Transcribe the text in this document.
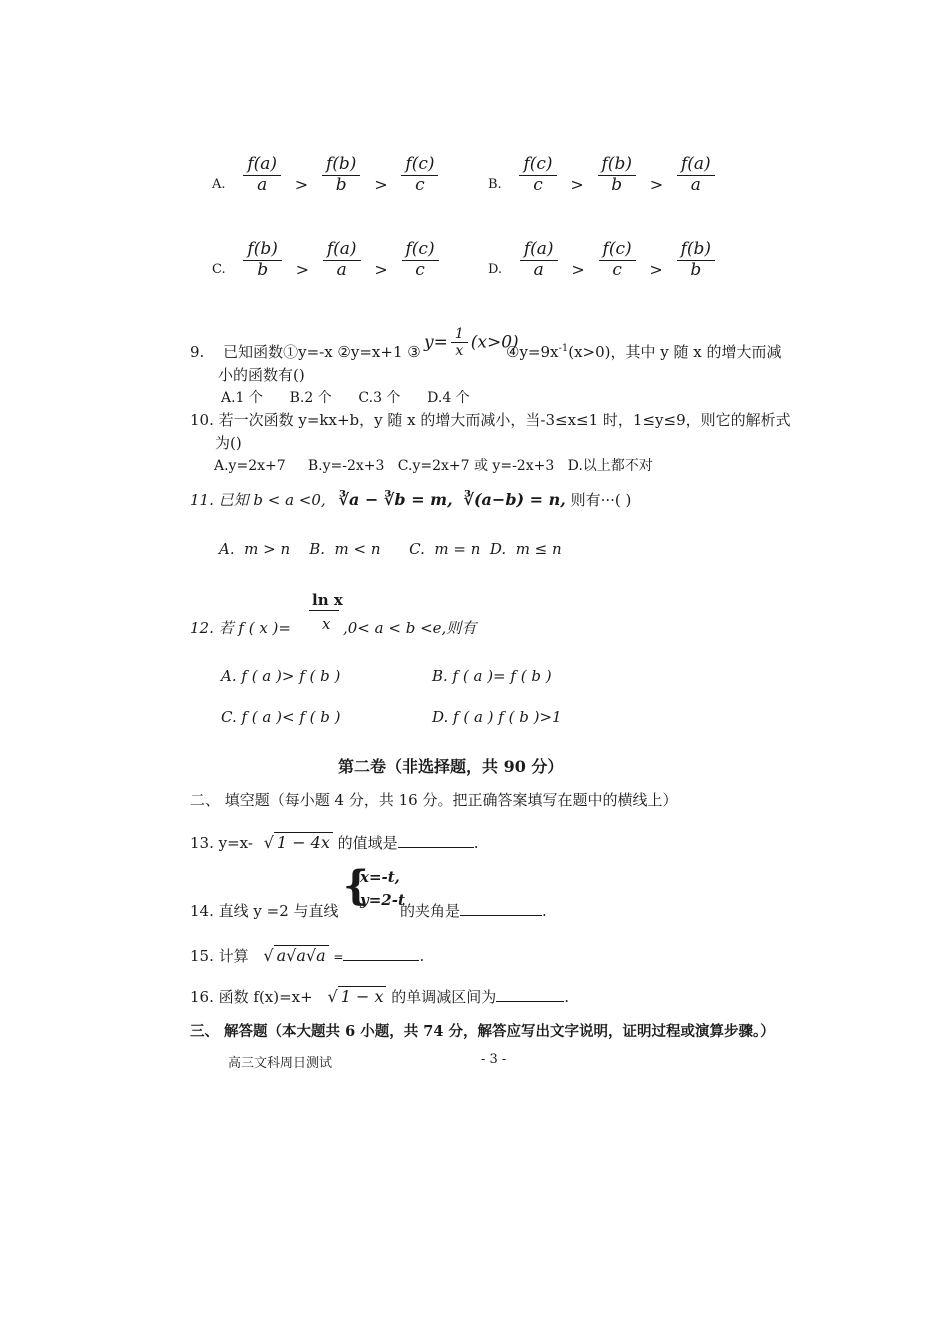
A. $\frac{f(a)}{a} > \frac{f(b)}{b} > \frac{f(c)}{c}$	B. $\frac{f(c)}{c} > \frac{f(b)}{b} > \frac{f(a)}{a}$
C. $\frac{f(b)}{b} > \frac{f(a)}{a} > \frac{f(c)}{c}$	D. $\frac{f(a)}{a} > \frac{f(c)}{c} > \frac{f(b)}{b}$
$y= \frac{1}{x} (x>0)$
9. 已知函数①y=-x ②y=x+1 ③	$④y=9x^{-1}(x>0)$，其中 y 随 x 的增大而减
小的函数有()
A.1 个      B.2 个      C.3 个      D.4 个
10. 若一次函数 y=kx+b，y 随 x 的增大而减小，当-3≤x≤1 时，1≤y≤9，则它的解析式
为()
A.y=2x+7     B.y=-2x+3   C.y=2x+7 或 y=-2x+3   D.以上都不对
11. 已知 b < a <0, ∛a − ∛b = m, ∛(a−b) = n, 则有···( )
A.  m > n    B.  m < n      C.  m = n  D.  m ≤ n
ln x
x
12. 若 f ( x )=	,0< a < b <e,则有
A. f ( a )> f ( b )	B. f ( a )= f ( b )
C. f ( a )< f ( b )	D. f ( a ) f ( b )>1
第二卷（非选择题，共 90 分）
二、 填空题（每小题 4 分，共 16 分。把正确答案填写在题中的横线上）
13. y=x- √ 1 − 4x 的值域是	.
{
x=-t,
y=2-t
14. 直线 y =2 与直线	的夹角是	.
15. 计算 √ a√a√a =	.
16. 函数 f(x)=x+ √ 1 − x 的单调减区间为	.
三、 解答题（本大题共 6 小题，共 74 分，解答应写出文字说明，证明过程或演算步骤。）
高三文科周日测试	- 3 -
